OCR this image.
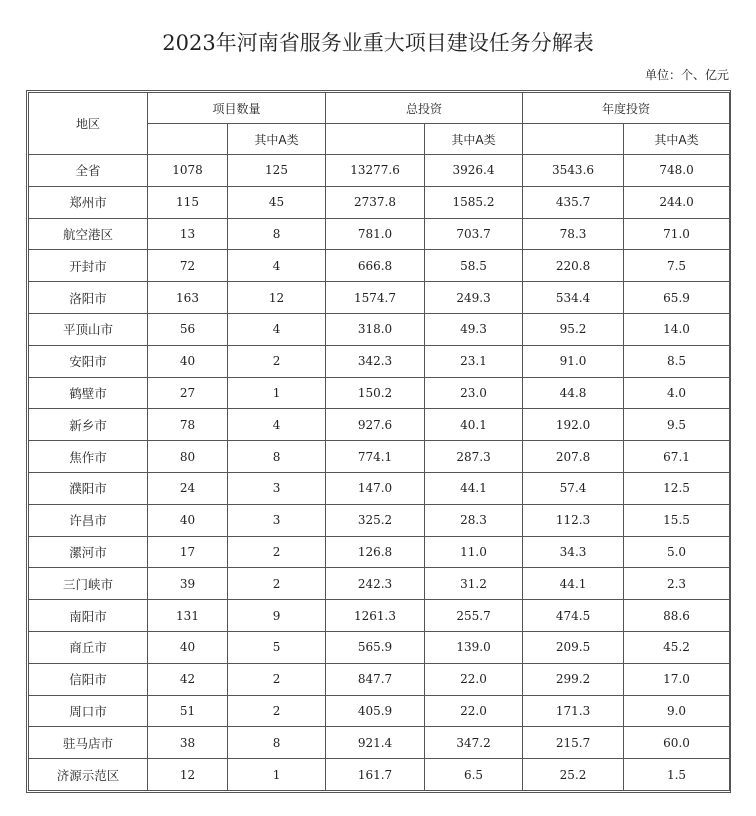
2023年河南省服务业重大项目建设任务分解表
单位：个、亿元
地区	项目数量		总投资		年度投资	
		其中A类		其中A类		其中A类
全省	1078	125	13277.6	3926.4	3543.6	748.0
郑州市	115	45	2737.8	1585.2	435.7	244.0
航空港区	13	8	781.0	703.7	78.3	71.0
开封市	72	4	666.8	58.5	220.8	7.5
洛阳市	163	12	1574.7	249.3	534.4	65.9
平顶山市	56	4	318.0	49.3	95.2	14.0
安阳市	40	2	342.3	23.1	91.0	8.5
鹤壁市	27	1	150.2	23.0	44.8	4.0
新乡市	78	4	927.6	40.1	192.0	9.5
焦作市	80	8	774.1	287.3	207.8	67.1
濮阳市	24	3	147.0	44.1	57.4	12.5
许昌市	40	3	325.2	28.3	112.3	15.5
漯河市	17	2	126.8	11.0	34.3	5.0
三门峡市	39	2	242.3	31.2	44.1	2.3
南阳市	131	9	1261.3	255.7	474.5	88.6
商丘市	40	5	565.9	139.0	209.5	45.2
信阳市	42	2	847.7	22.0	299.2	17.0
周口市	51	2	405.9	22.0	171.3	9.0
驻马店市	38	8	921.4	347.2	215.7	60.0
济源示范区	12	1	161.7	6.5	25.2	1.5
